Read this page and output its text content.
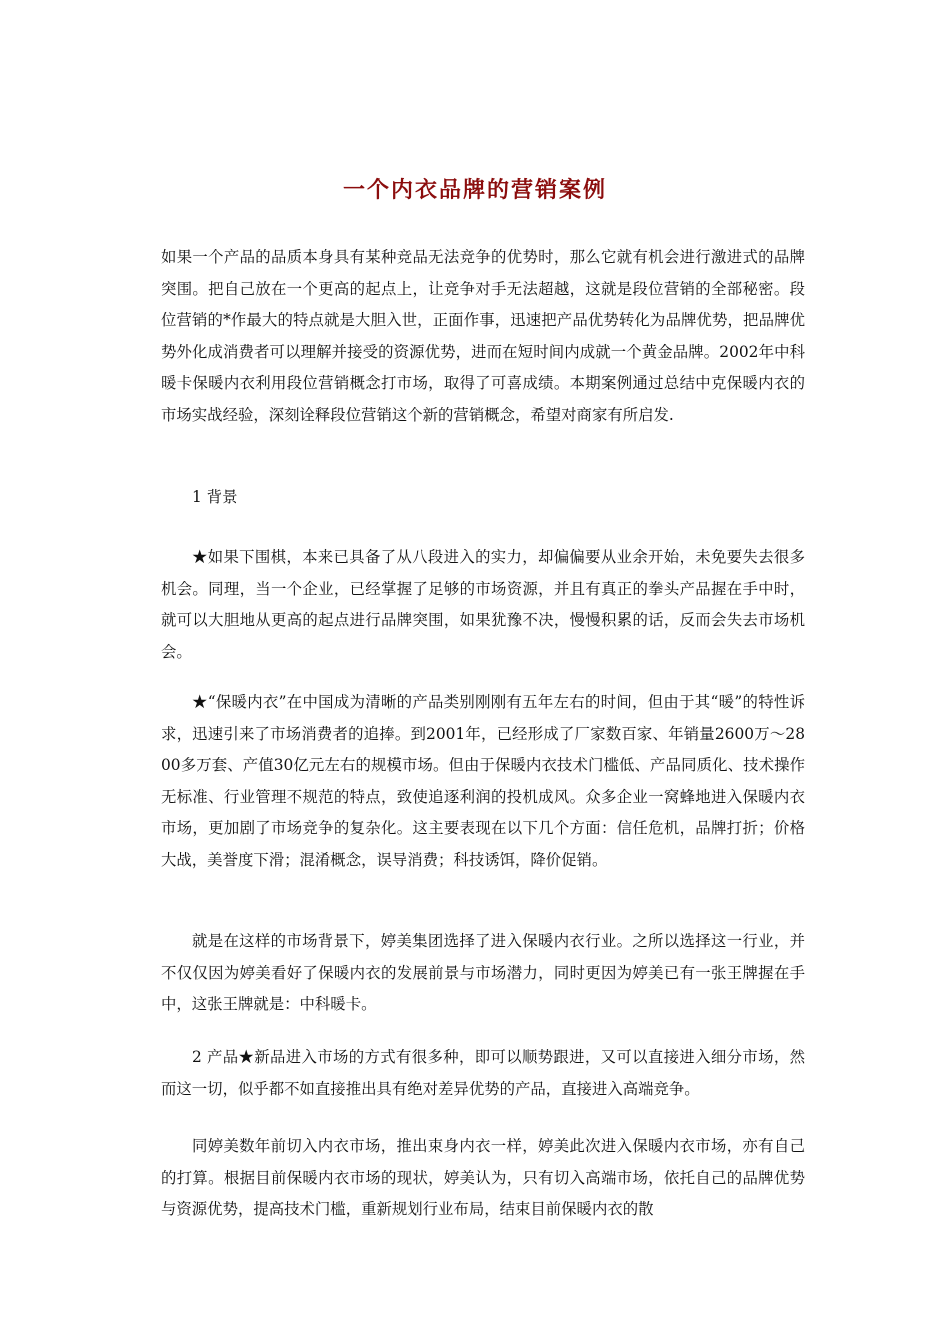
一个内衣品牌的营销案例

如果一个产品的品质本身具有某种竞品无法竞争的优势时，那么它就有机会进行激进式的品牌突围。把自己放在一个更高的起点上，让竞争对手无法超越，这就是段位营销的全部秘密。段位营销的*作最大的特点就是大胆入世，正面作事，迅速把产品优势转化为品牌优势，把品牌优势外化成消费者可以理解并接受的资源优势，进而在短时间内成就一个黄金品牌。2002年中科暖卡保暖内衣利用段位营销概念打市场，取得了可喜成绩。本期案例通过总结中克保暖内衣的市场实战经验，深刻诠释段位营销这个新的营销概念，希望对商家有所启发.

1 背景

★如果下围棋，本来已具备了从八段进入的实力，却偏偏要从业余开始，未免要失去很多机会。同理，当一个企业，已经掌握了足够的市场资源，并且有真正的拳头产品握在手中时，就可以大胆地从更高的起点进行品牌突围，如果犹豫不决，慢慢积累的话，反而会失去市场机会。

★“保暖内衣”在中国成为清晰的产品类别刚刚有五年左右的时间，但由于其“暖”的特性诉求，迅速引来了市场消费者的追捧。到2001年，已经形成了厂家数百家、年销量2600万～2800多万套、产值30亿元左右的规模市场。但由于保暖内衣技术门槛低、产品同质化、技术操作无标准、行业管理不规范的特点，致使追逐利润的投机成风。众多企业一窝蜂地进入保暖内衣市场，更加剧了市场竞争的复杂化。这主要表现在以下几个方面：信任危机，品牌打折；价格大战，美誉度下滑；混淆概念，误导消费；科技诱饵，降价促销。

就是在这样的市场背景下，婷美集团选择了进入保暖内衣行业。之所以选择这一行业，并不仅仅因为婷美看好了保暖内衣的发展前景与市场潜力，同时更因为婷美已有一张王牌握在手中，这张王牌就是：中科暖卡。

2 产品★新品进入市场的方式有很多种，即可以顺势跟进，又可以直接进入细分市场，然而这一切，似乎都不如直接推出具有绝对差异优势的产品，直接进入高端竞争。

同婷美数年前切入内衣市场，推出束身内衣一样，婷美此次进入保暖内衣市场，亦有自己的打算。根据目前保暖内衣市场的现状，婷美认为，只有切入高端市场，依托自己的品牌优势与资源优势，提高技术门槛，重新规划行业布局，结束目前保暖内衣的散
